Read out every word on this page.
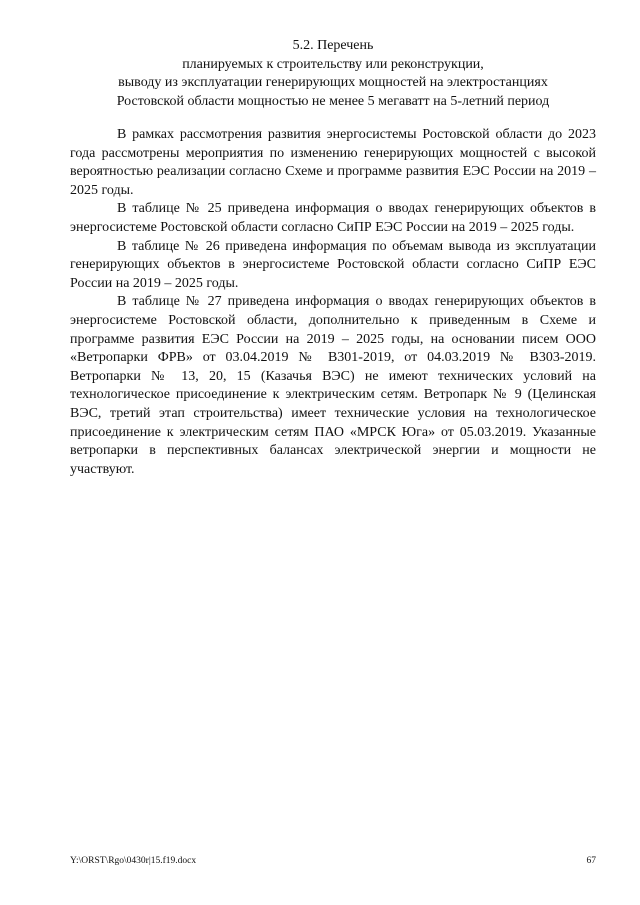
5.2. Перечень
планируемых к строительству или реконструкции,
выводу из эксплуатации генерирующих мощностей на электростанциях
Ростовской области мощностью не менее 5 мегаватт на 5-летний период

В рамках рассмотрения развития энергосистемы Ростовской области до 2023 года рассмотрены мероприятия по изменению генерирующих мощностей с высокой вероятностью реализации согласно Схеме и программе развития ЕЭС России на 2019 – 2025 годы.

В таблице № 25 приведена информация о вводах генерирующих объектов в энергосистеме Ростовской области согласно СиПР ЕЭС России на 2019 – 2025 годы.

В таблице № 26 приведена информация по объемам вывода из эксплуатации генерирующих объектов в энергосистеме Ростовской области согласно СиПР ЕЭС России на 2019 – 2025 годы.

В таблице № 27 приведена информация о вводах генерирующих объектов в энергосистеме Ростовской области, дополнительно к приведенным в Схеме и программе развития ЕЭС России на 2019 – 2025 годы, на основании писем ООО «Ветропарки ФРВ» от 03.04.2019 № В301-2019, от 04.03.2019 № В303-2019. Ветропарки № 13, 20, 15 (Казачья ВЭС) не имеют технических условий на технологическое присоединение к электрическим сетям. Ветропарк № 9 (Целинская ВЭС, третий этап строительства) имеет технические условия на технологическое присоединение к электрическим сетям ПАО «МРСК Юга» от 05.03.2019. Указанные ветропарки в перспективных балансах электрической энергии и мощности не участвуют.

Y:\ORST\Rgo\0430r|15.f19.docx	67
